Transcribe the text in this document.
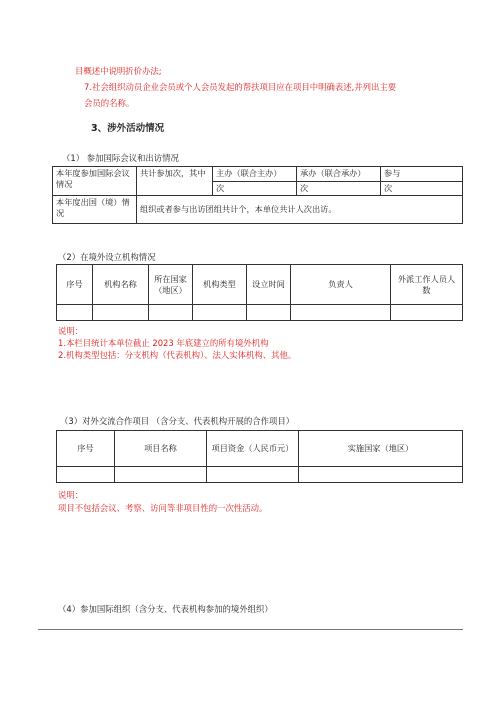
目概述中说明折价办法;
7.社会组织动员企业会员或个人会员发起的帮扶项目应在项目中明确表述,并列出主要
会员的名称。
3、涉外活动情况
（1） 参加国际会议和出访情况
本年度参加国际会议情况	共计参加次，其中	主办（联合主办）	承办（联合承办）	参与
		次	次	次
本年度出国（境）情况	组织或者参与出访团组共计个，本单位共计人次出访。			
（2）在境外设立机构情况
序号	机构名称	所在国家（地区）	机构类型	设立时间	负责人	外派工作人员人数

说明：
1.本栏目统计本单位截止 2023 年底建立的所有境外机构
2.机构类型包括：分支机构（代表机构）、法人实体机构、其他。
（3）对外交流合作项目 （含分支、代表机构开展的合作项目）
序号	项目名称	项目资金（人民币元）	实施国家（地区）

说明：
项目不包括会议、考察、访问等非项目性的一次性活动。
（4）参加国际组织（含分支、代表机构参加的境外组织）
